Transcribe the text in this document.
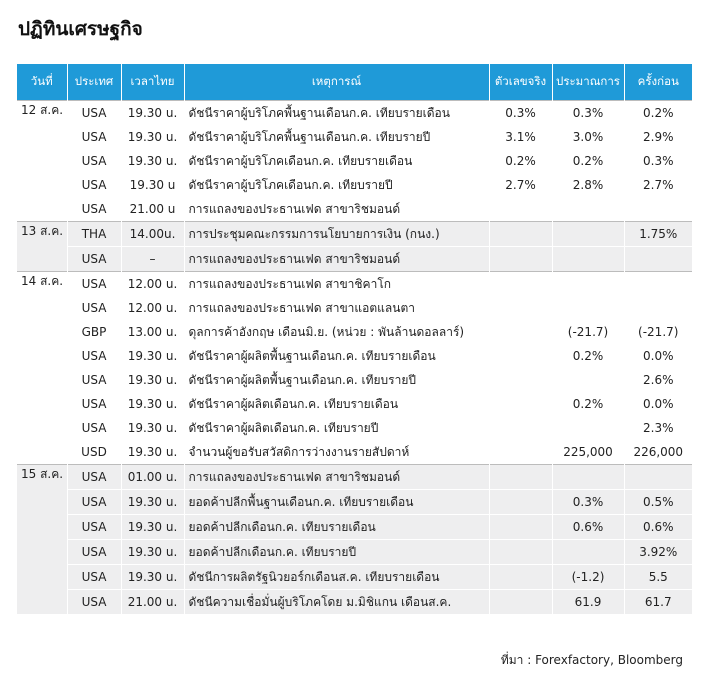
ปฏิทินเศรษฐกิจ
วันที่	ประเทศ	เวลาไทย	เหตุการณ์	ตัวเลขจริง	ประมาณการ	ครั้งก่อน
12 ส.ค.	USA	19.30 u.	ดัชนีราคาผู้บริโภคพื้นฐานเดือนก.ค. เทียบรายเดือน	0.3%	0.3%	0.2%
	USA	19.30 u.	ดัชนีราคาผู้บริโภคพื้นฐานเดือนก.ค. เทียบรายปี	3.1%	3.0%	2.9%
	USA	19.30 u.	ดัชนีราคาผู้บริโภคเดือนก.ค. เทียบรายเดือน	0.2%	0.2%	0.3%
	USA	19.30 u	ดัชนีราคาผู้บริโภคเดือนก.ค. เทียบรายปี	2.7%	2.8%	2.7%
	USA	21.00 u	การแถลงของประธานเฟด สาขาริชมอนด์			
13 ส.ค.	THA	14.00u.	การประชุมคณะกรรมการนโยบายการเงิน (กนง.)			1.75%
	USA	–	การแถลงของประธานเฟด สาขาริชมอนด์			
14 ส.ค.	USA	12.00 u.	การแถลงของประธานเฟด สาขาชิคาโก			
	USA	12.00 u.	การแถลงของประธานเฟด สาขาแอตแลนตา			
	GBP	13.00 u.	ดุลการค้าอังกฤษ เดือนมิ.ย. (หน่วย : พันล้านดอลลาร์)		(-21.7)	(-21.7)
	USA	19.30 u.	ดัชนีราคาผู้ผลิตพื้นฐานเดือนก.ค. เทียบรายเดือน		0.2%	0.0%
	USA	19.30 u.	ดัชนีราคาผู้ผลิตพื้นฐานเดือนก.ค. เทียบรายปี			2.6%
	USA	19.30 u.	ดัชนีราคาผู้ผลิตเดือนก.ค. เทียบรายเดือน		0.2%	0.0%
	USA	19.30 u.	ดัชนีราคาผู้ผลิตเดือนก.ค. เทียบรายปี			2.3%
	USD	19.30 u.	จำนวนผู้ขอรับสวัสดิการว่างงานรายสัปดาห์		225,000	226,000
15 ส.ค.	USA	01.00 u.	การแถลงของประธานเฟด สาขาริชมอนด์			
	USA	19.30 u.	ยอดค้าปลีกพื้นฐานเดือนก.ค. เทียบรายเดือน		0.3%	0.5%
	USA	19.30 u.	ยอดค้าปลีกเดือนก.ค. เทียบรายเดือน		0.6%	0.6%
	USA	19.30 u.	ยอดค้าปลีกเดือนก.ค. เทียบรายปี			3.92%
	USA	19.30 u.	ดัชนีการผลิตรัฐนิวยอร์กเดือนส.ค. เทียบรายเดือน		(-1.2)	5.5
	USA	21.00 u.	ดัชนีความเชื่อมั่นผู้บริโภคโดย ม.มิชิแกน เดือนส.ค.		61.9	61.7
ที่มา : Forexfactory, Bloomberg
